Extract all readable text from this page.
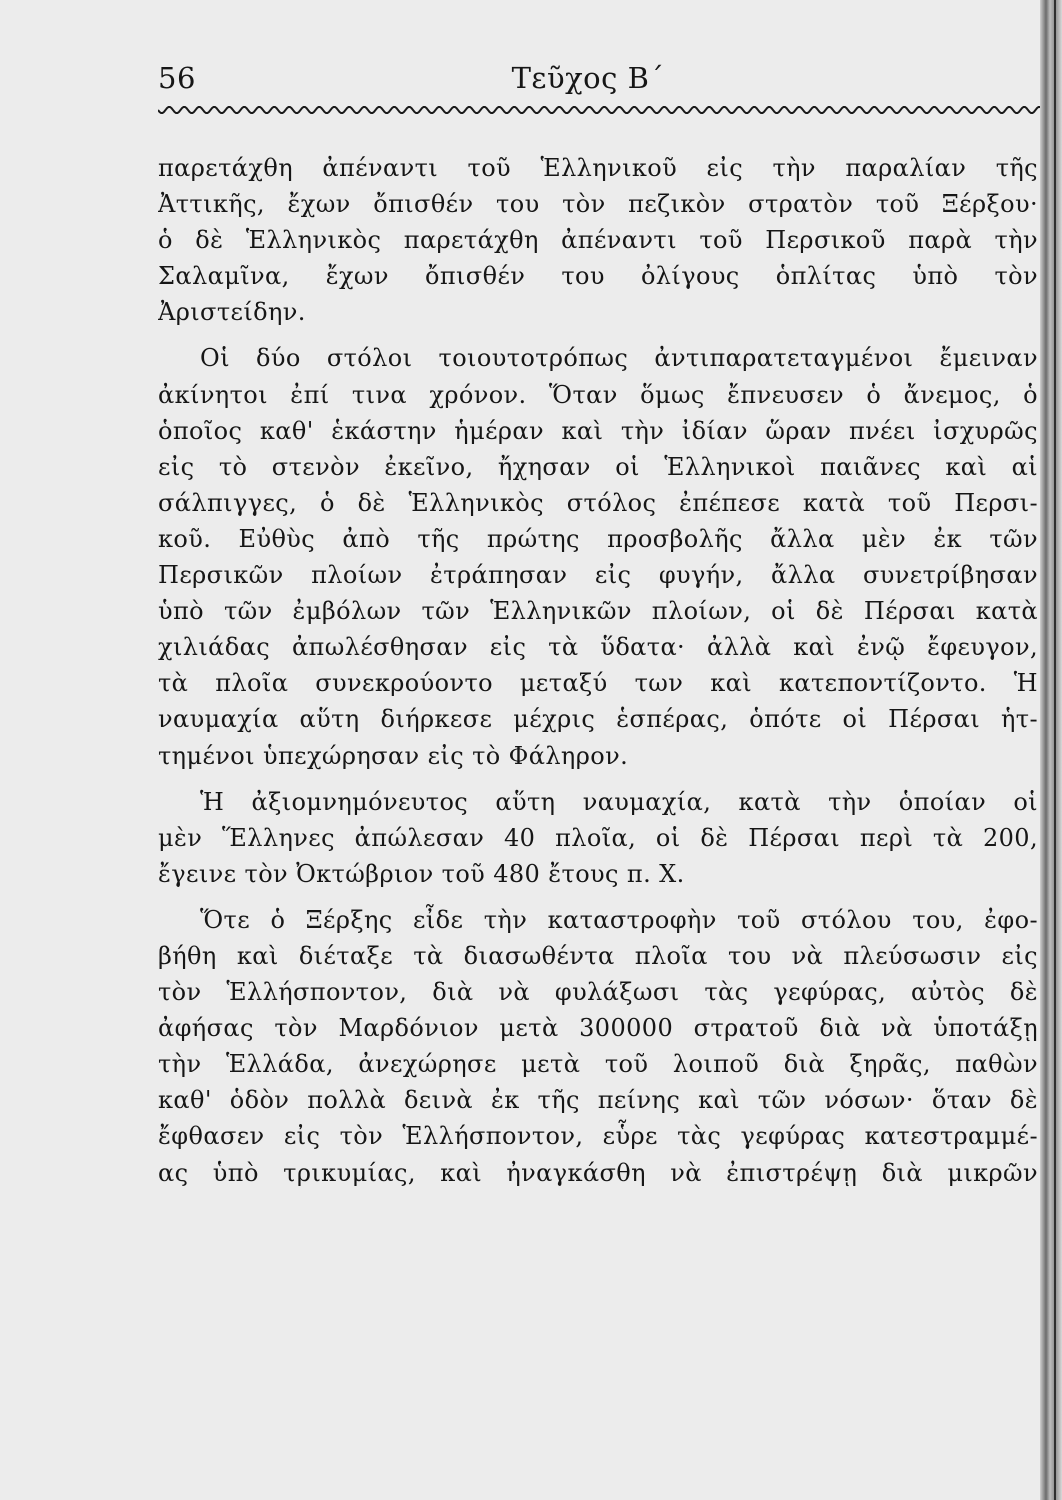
56	Τεῦχος Β΄
παρετάχθη ἀπέναντι τοῦ Ἑλληνικοῦ εἰς τὴν παραλίαν τῆς
Ἀττικῆς, ἔχων ὄπισθέν του τὸν πεζικὸν στρατὸν τοῦ Ξέρξου·
ὁ δὲ Ἑλληνικὸς παρετάχθη ἀπέναντι τοῦ Περσικοῦ παρὰ τὴν
Σαλαμῖνα, ἔχων ὄπισθέν του ὀλίγους ὁπλίτας ὑπὸ τὸν
Ἀριστείδην.
Οἱ δύο στόλοι τοιουτοτρόπως ἀντιπαρατεταγμένοι ἔμειναν
ἀκίνητοι ἐπί τινα χρόνον. Ὅταν ὅμως ἔπνευσεν ὁ ἄνεμος, ὁ
ὁποῖος καθ' ἑκάστην ἡμέραν καὶ τὴν ἰδίαν ὥραν πνέει ἰσχυρῶς
εἰς τὸ στενὸν ἐκεῖνο, ἤχησαν οἱ Ἑλληνικοὶ παιᾶνες καὶ αἱ
σάλπιγγες, ὁ δὲ Ἑλληνικὸς στόλος ἐπέπεσε κατὰ τοῦ Περσι-
κοῦ. Εὐθὺς ἀπὸ τῆς πρώτης προσβολῆς ἄλλα μὲν ἐκ τῶν
Περσικῶν πλοίων ἐτράπησαν εἰς φυγήν, ἄλλα συνετρίβησαν
ὑπὸ τῶν ἐμβόλων τῶν Ἑλληνικῶν πλοίων, οἱ δὲ Πέρσαι κατὰ
χιλιάδας ἀπωλέσθησαν εἰς τὰ ὕδατα· ἀλλὰ καὶ ἐνῷ ἔφευγον,
τὰ πλοῖα συνεκρούοντο μεταξύ των καὶ κατεποντίζοντο. Ἡ
ναυμαχία αὕτη διήρκεσε μέχρις ἑσπέρας, ὁπότε οἱ Πέρσαι ἡτ-
τημένοι ὑπεχώρησαν εἰς τὸ Φάληρον.
Ἡ ἀξιομνημόνευτος αὕτη ναυμαχία, κατὰ τὴν ὁποίαν οἱ
μὲν Ἕλληνες ἀπώλεσαν 40 πλοῖα, οἱ δὲ Πέρσαι περὶ τὰ 200,
ἔγεινε τὸν Ὀκτώβριον τοῦ 480 ἔτους π. Χ.
Ὅτε ὁ Ξέρξης εἶδε τὴν καταστροφὴν τοῦ στόλου του, ἐφο-
βήθη καὶ διέταξε τὰ διασωθέντα πλοῖα του νὰ πλεύσωσιν εἰς
τὸν Ἑλλήσποντον, διὰ νὰ φυλάξωσι τὰς γεφύρας, αὐτὸς δὲ
ἀφήσας τὸν Μαρδόνιον μετὰ 300000 στρατοῦ διὰ νὰ ὑποτάξῃ
τὴν Ἑλλάδα, ἀνεχώρησε μετὰ τοῦ λοιποῦ διὰ ξηρᾶς, παθὼν
καθ' ὁδὸν πολλὰ δεινὰ ἐκ τῆς πείνης καὶ τῶν νόσων· ὅταν δὲ
ἔφθασεν εἰς τὸν Ἑλλήσποντον, εὗρε τὰς γεφύρας κατεστραμμέ-
ας ὑπὸ τρικυμίας, καὶ ἠναγκάσθη νὰ ἐπιστρέψῃ διὰ μικρῶν
